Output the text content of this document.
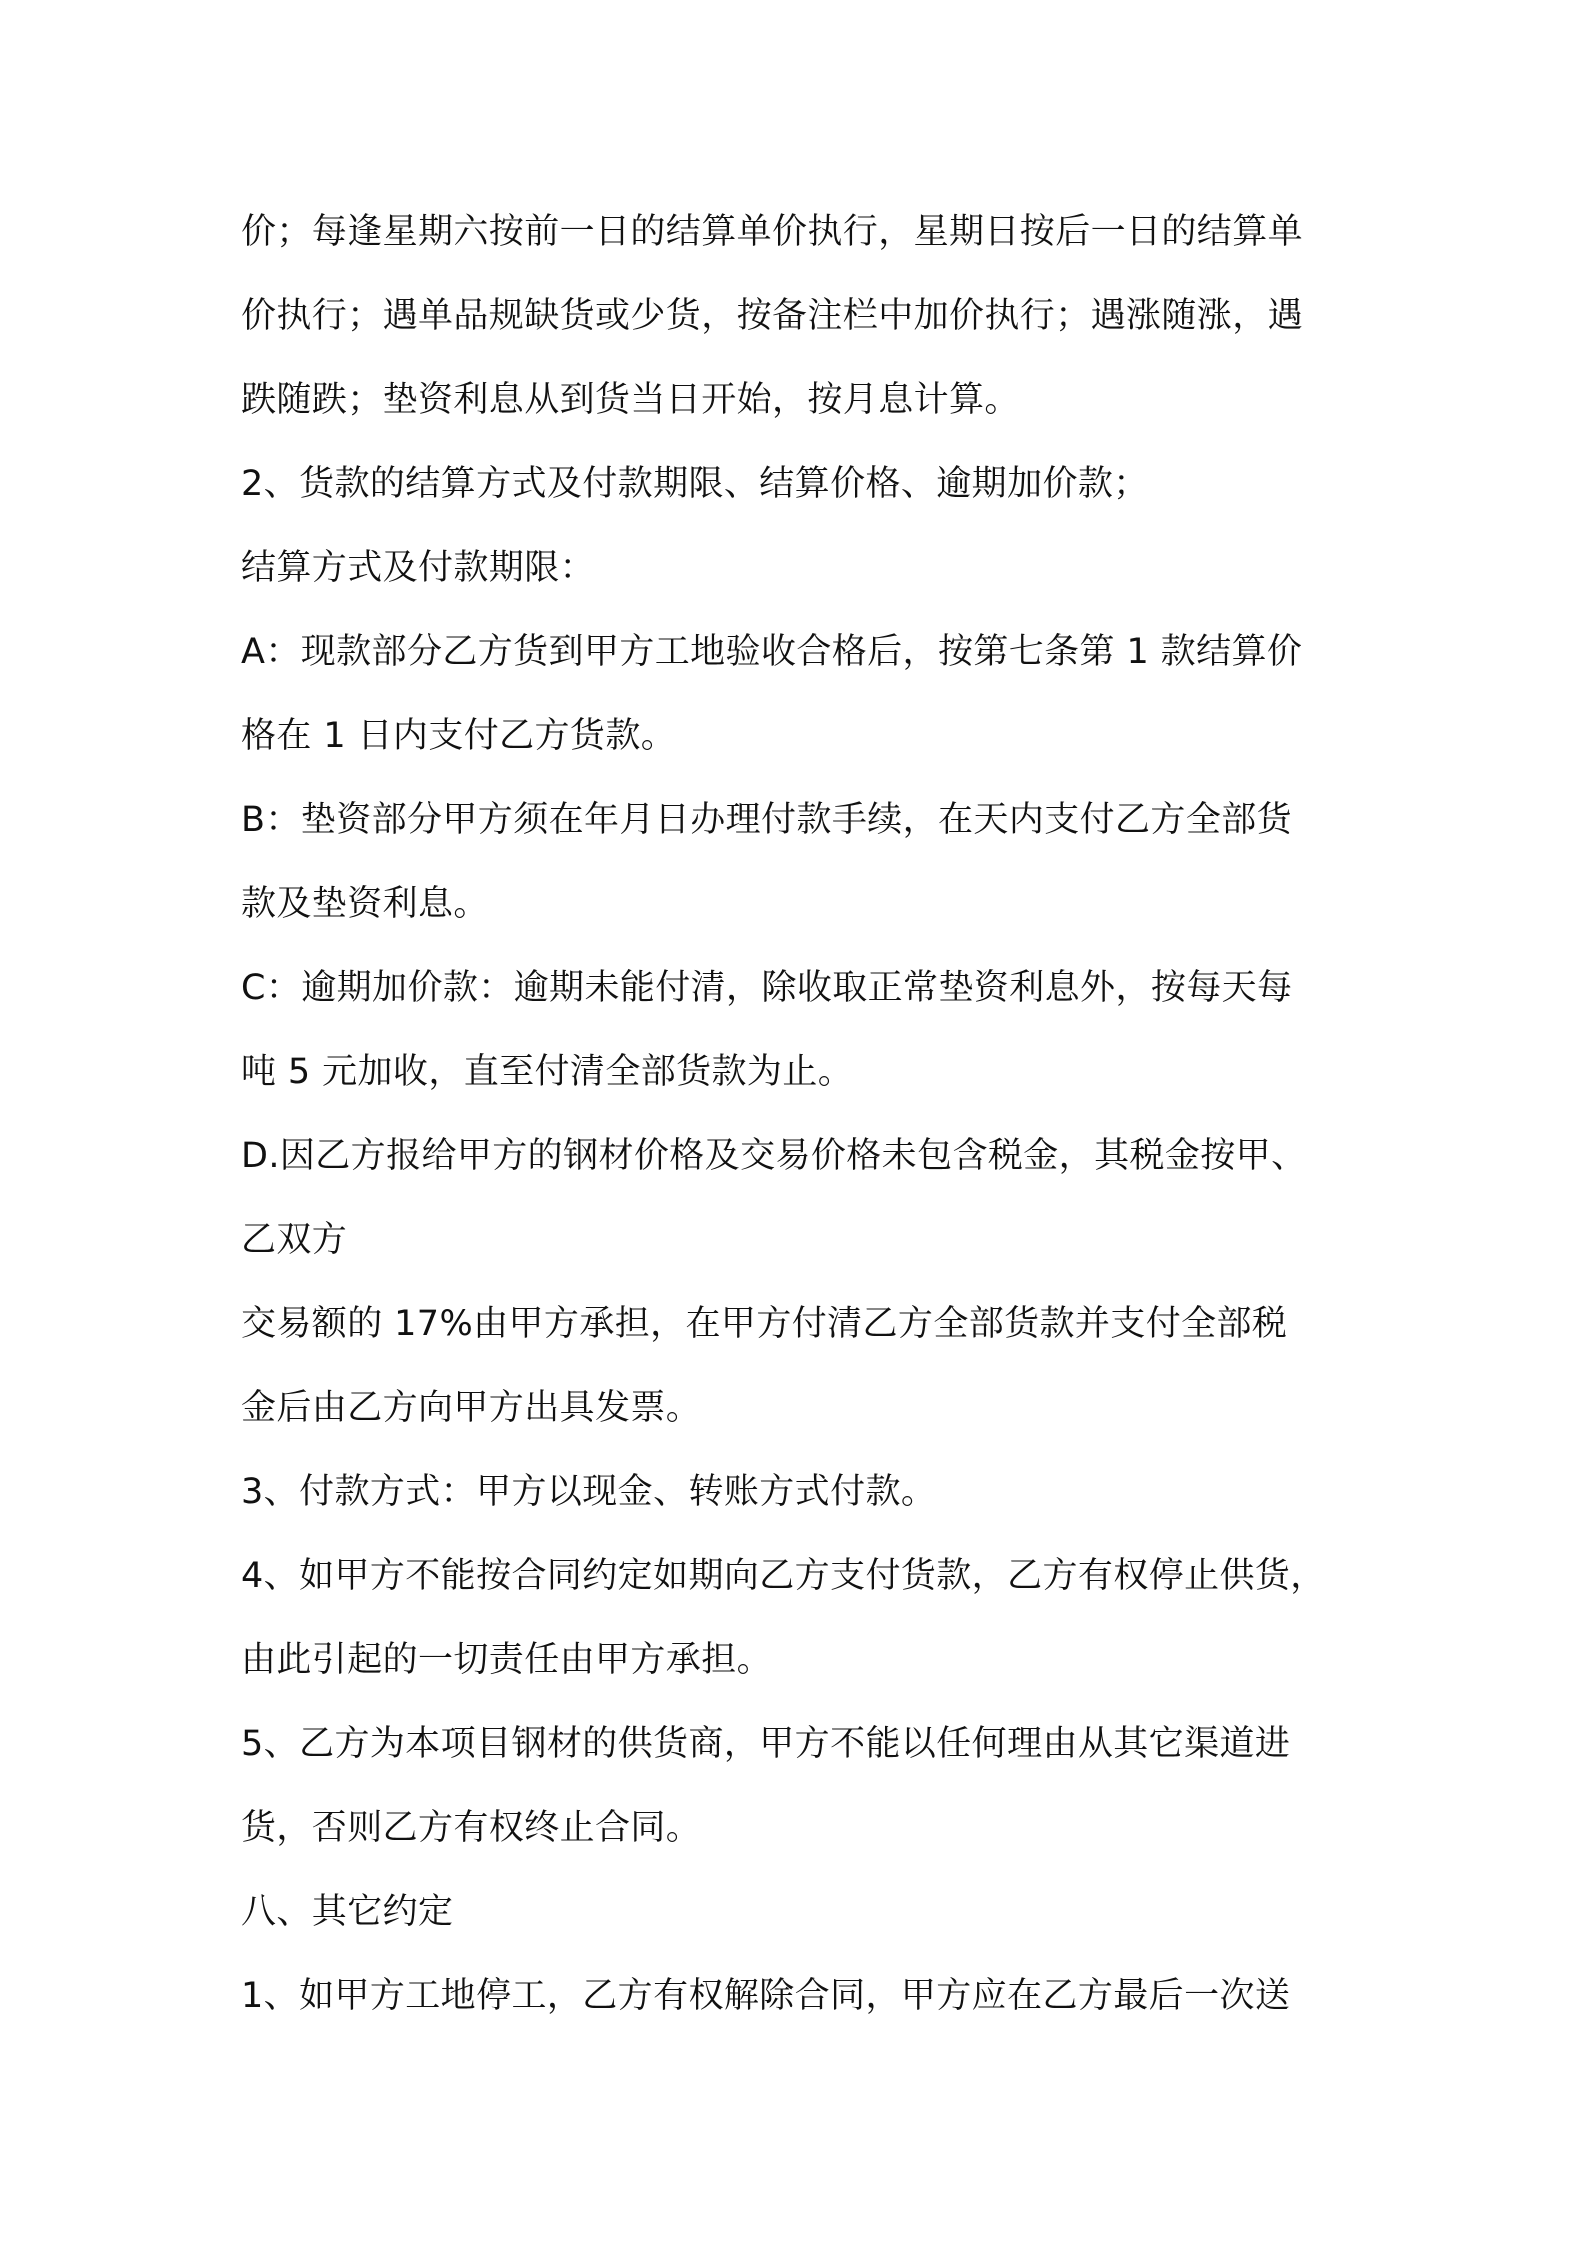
价；每逢星期六按前一日的结算单价执行，星期日按后一日的结算单
价执行；遇单品规缺货或少货，按备注栏中加价执行；遇涨随涨，遇
跌随跌；垫资利息从到货当日开始，按月息计算。
2、货款的结算方式及付款期限、结算价格、逾期加价款；
结算方式及付款期限：
A：现款部分乙方货到甲方工地验收合格后，按第七条第 1 款结算价
格在 1 日内支付乙方货款。
B：垫资部分甲方须在年月日办理付款手续，在天内支付乙方全部货
款及垫资利息。
C：逾期加价款：逾期未能付清，除收取正常垫资利息外，按每天每
吨 5 元加收，直至付清全部货款为止。
D.因乙方报给甲方的钢材价格及交易价格未包含税金，其税金按甲、
乙双方
交易额的 17%由甲方承担，在甲方付清乙方全部货款并支付全部税
金后由乙方向甲方出具发票。
3、付款方式：甲方以现金、转账方式付款。
4、如甲方不能按合同约定如期向乙方支付货款，乙方有权停止供货，
由此引起的一切责任由甲方承担。
5、乙方为本项目钢材的供货商，甲方不能以任何理由从其它渠道进
货，否则乙方有权终止合同。
八、其它约定
1、如甲方工地停工，乙方有权解除合同，甲方应在乙方最后一次送
